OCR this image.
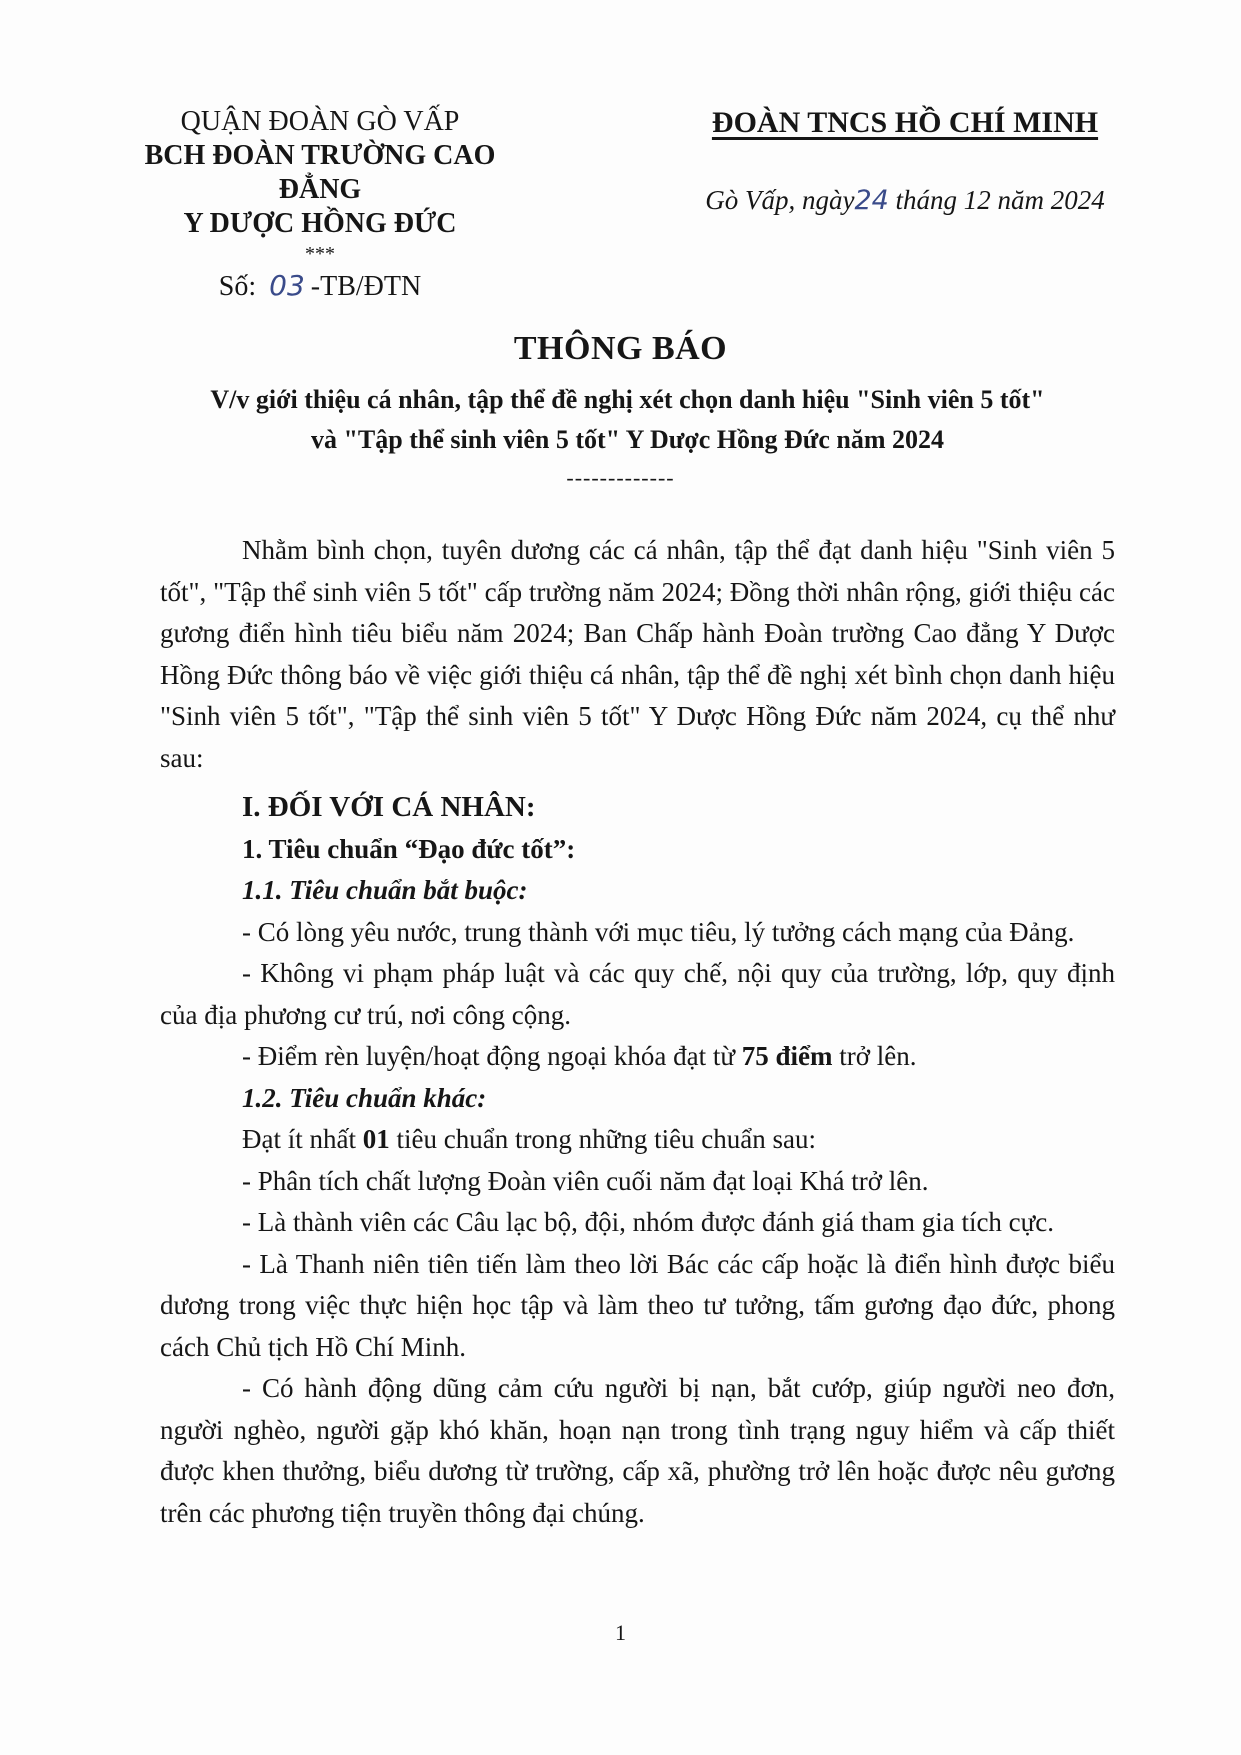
QUẬN ĐOÀN GÒ VẤP
BCH ĐOÀN TRƯỜNG CAO ĐẲNG
Y DƯỢC HỒNG ĐỨC
***
Số: 03 -TB/ĐTN
ĐOÀN TNCS HỒ CHÍ MINH
Gò Vấp, ngày24 tháng 12 năm 2024
THÔNG BÁO
V/v giới thiệu cá nhân, tập thể đề nghị xét chọn danh hiệu "Sinh viên 5 tốt"
và "Tập thể sinh viên 5 tốt" Y Dược Hồng Đức năm 2024
-------------

Nhằm bình chọn, tuyên dương các cá nhân, tập thể đạt danh hiệu "Sinh viên 5 tốt", "Tập thể sinh viên 5 tốt" cấp trường năm 2024; Đồng thời nhân rộng, giới thiệu các gương điển hình tiêu biểu năm 2024; Ban Chấp hành Đoàn trường Cao đẳng Y Dược Hồng Đức thông báo về việc giới thiệu cá nhân, tập thể đề nghị xét bình chọn danh hiệu "Sinh viên 5 tốt", "Tập thể sinh viên 5 tốt" Y Dược Hồng Đức năm 2024, cụ thể như sau:

I. ĐỐI VỚI CÁ NHÂN:

1. Tiêu chuẩn “Đạo đức tốt”:

1.1. Tiêu chuẩn bắt buộc:

- Có lòng yêu nước, trung thành với mục tiêu, lý tưởng cách mạng của Đảng.

- Không vi phạm pháp luật và các quy chế, nội quy của trường, lớp, quy định của địa phương cư trú, nơi công cộng.

- Điểm rèn luyện/hoạt động ngoại khóa đạt từ 75 điểm trở lên.

1.2. Tiêu chuẩn khác:

Đạt ít nhất 01 tiêu chuẩn trong những tiêu chuẩn sau:

- Phân tích chất lượng Đoàn viên cuối năm đạt loại Khá trở lên.

- Là thành viên các Câu lạc bộ, đội, nhóm được đánh giá tham gia tích cực.

- Là Thanh niên tiên tiến làm theo lời Bác các cấp hoặc là điển hình được biểu dương trong việc thực hiện học tập và làm theo tư tưởng, tấm gương đạo đức, phong cách Chủ tịch Hồ Chí Minh.

- Có hành động dũng cảm cứu người bị nạn, bắt cướp, giúp người neo đơn, người nghèo, người gặp khó khăn, hoạn nạn trong tình trạng nguy hiểm và cấp thiết được khen thưởng, biểu dương từ trường, cấp xã, phường trở lên hoặc được nêu gương trên các phương tiện truyền thông đại chúng.

1
